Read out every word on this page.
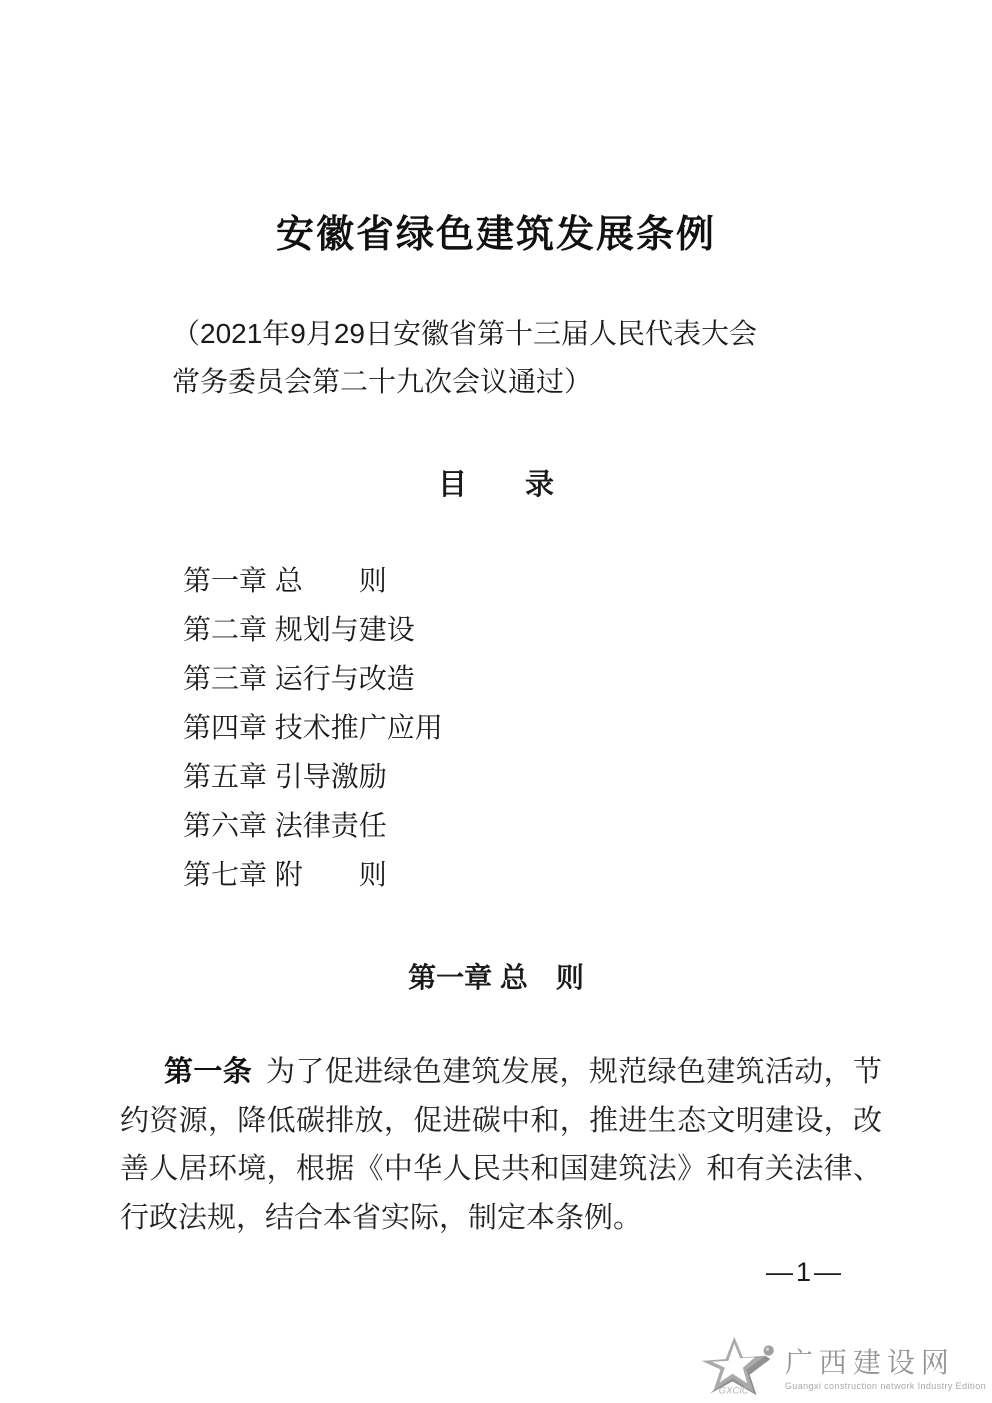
安徽省绿色建筑发展条例
（2021年9月29日安徽省第十三届人民代表大会
常务委员会第二十九次会议通过）
目　　录
第一章 总　　则
第二章 规划与建设
第三章 运行与改造
第四章 技术推广应用
第五章 引导激励
第六章 法律责任
第七章 附　　则
第一章 总　则

第一条 为了促进绿色建筑发展，规范绿色建筑活动，节约资源，降低碳排放，促进碳中和，推进生态文明建设，改善人居环境，根据《中华人民共和国建筑法》和有关法律、行政法规，结合本省实际，制定本条例。

—1—
GXCIC
广西建设网
Guangxi construction network Industry Edition
